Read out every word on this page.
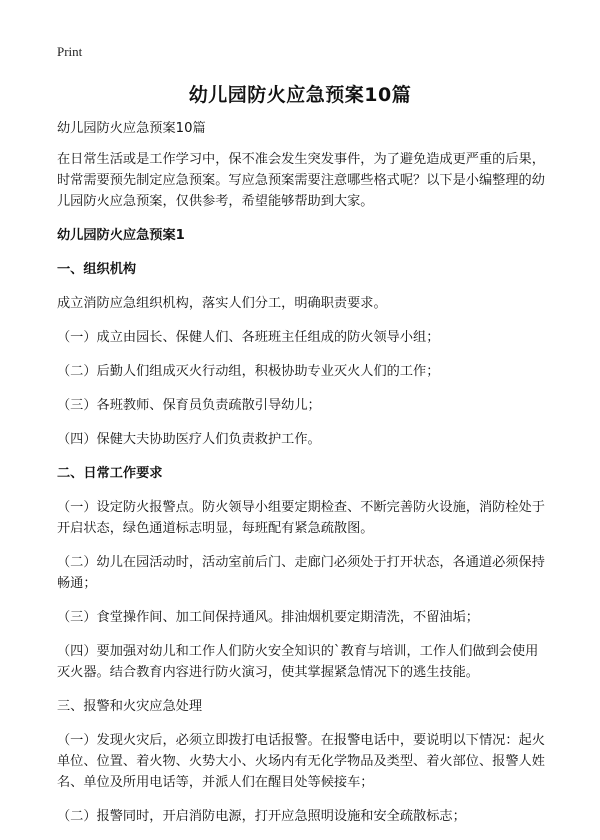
Print
幼儿园防火应急预案10篇

幼儿园防火应急预案10篇

在日常生活或是工作学习中，保不准会发生突发事件，为了避免造成更严重的后果，时常需要预先制定应急预案。写应急预案需要注意哪些格式呢？以下是小编整理的幼儿园防火应急预案，仅供参考，希望能够帮助到大家。

幼儿园防火应急预案1

一、组织机构

成立消防应急组织机构，落实人们分工，明确职责要求。

（一）成立由园长、保健人们、各班班主任组成的防火领导小组；

（二）后勤人们组成灭火行动组，积极协助专业灭火人们的工作；

（三）各班教师、保育员负责疏散引导幼儿；

（四）保健大夫协助医疗人们负责救护工作。

二、日常工作要求

（一）设定防火报警点。防火领导小组要定期检查、不断完善防火设施，消防栓处于开启状态，绿色通道标志明显，每班配有紧急疏散图。

（二）幼儿在园活动时，活动室前后门、走廊门必须处于打开状态，各通道必须保持畅通；

（三）食堂操作间、加工间保持通风。排油烟机要定期清洗，不留油垢；

（四）要加强对幼儿和工作人们防火安全知识的`教育与培训，工作人们做到会使用灭火器。结合教育内容进行防火演习，使其掌握紧急情况下的逃生技能。

三、报警和火灾应急处理

（一）发现火灾后，必须立即拨打电话报警。在报警电话中，要说明以下情况：起火单位、位置、着火物、火势大小、火场内有无化学物品及类型、着火部位、报警人姓名、单位及所用电话等，并派人们在醒目处等候接车；

（二）报警同时，开启消防电源，打开应急照明设施和安全疏散标志；
